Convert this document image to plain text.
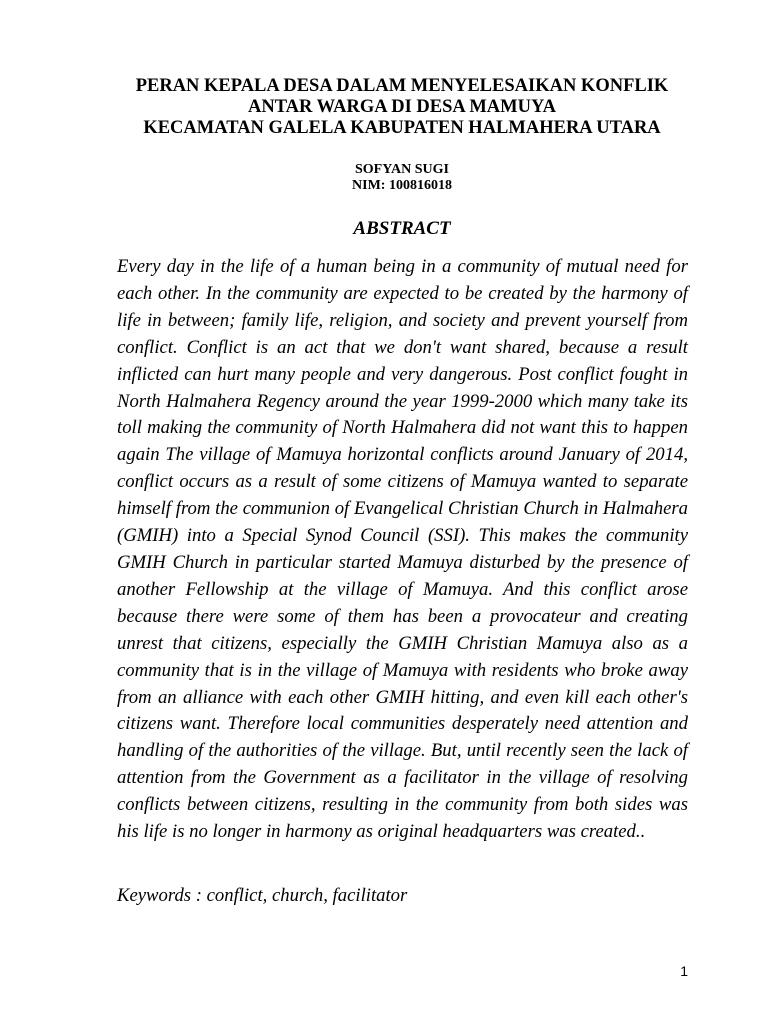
PERAN KEPALA DESA DALAM MENYELESAIKAN KONFLIK
ANTAR WARGA DI DESA MAMUYA
KECAMATAN GALELA KABUPATEN HALMAHERA UTARA
SOFYAN SUGI
NIM: 100816018
ABSTRACT
Every day in the life of a human being in a community of mutual need for each other. In the community are expected to be created by the harmony of life in between; family life, religion, and society and prevent yourself from conflict. Conflict is an act that we don't want shared, because a result inflicted can hurt many people and very dangerous. Post conflict fought in North Halmahera Regency around the year 1999-2000 which many take its toll making the community of North Halmahera did not want this to happen again The village of Mamuya horizontal conflicts around January of 2014, conflict occurs as a result of some citizens of Mamuya wanted to separate himself from the communion of Evangelical Christian Church in Halmahera (GMIH) into a Special Synod Council (SSI). This makes the community GMIH Church in particular started Mamuya disturbed by the presence of another Fellowship at the village of Mamuya. And this conflict arose because there were some of them has been a provocateur and creating unrest that citizens, especially the GMIH Christian Mamuya also as a community that is in the village of Mamuya with residents who broke away from an alliance with each other GMIH hitting, and even kill each other's citizens want. Therefore local communities desperately need attention and handling of the authorities of the village. But, until recently seen the lack of attention from the Government as a facilitator in the village of resolving conflicts between citizens, resulting in the community from both sides was his life is no longer in harmony as original headquarters was created..
Keywords : conflict, church, facilitator
1
